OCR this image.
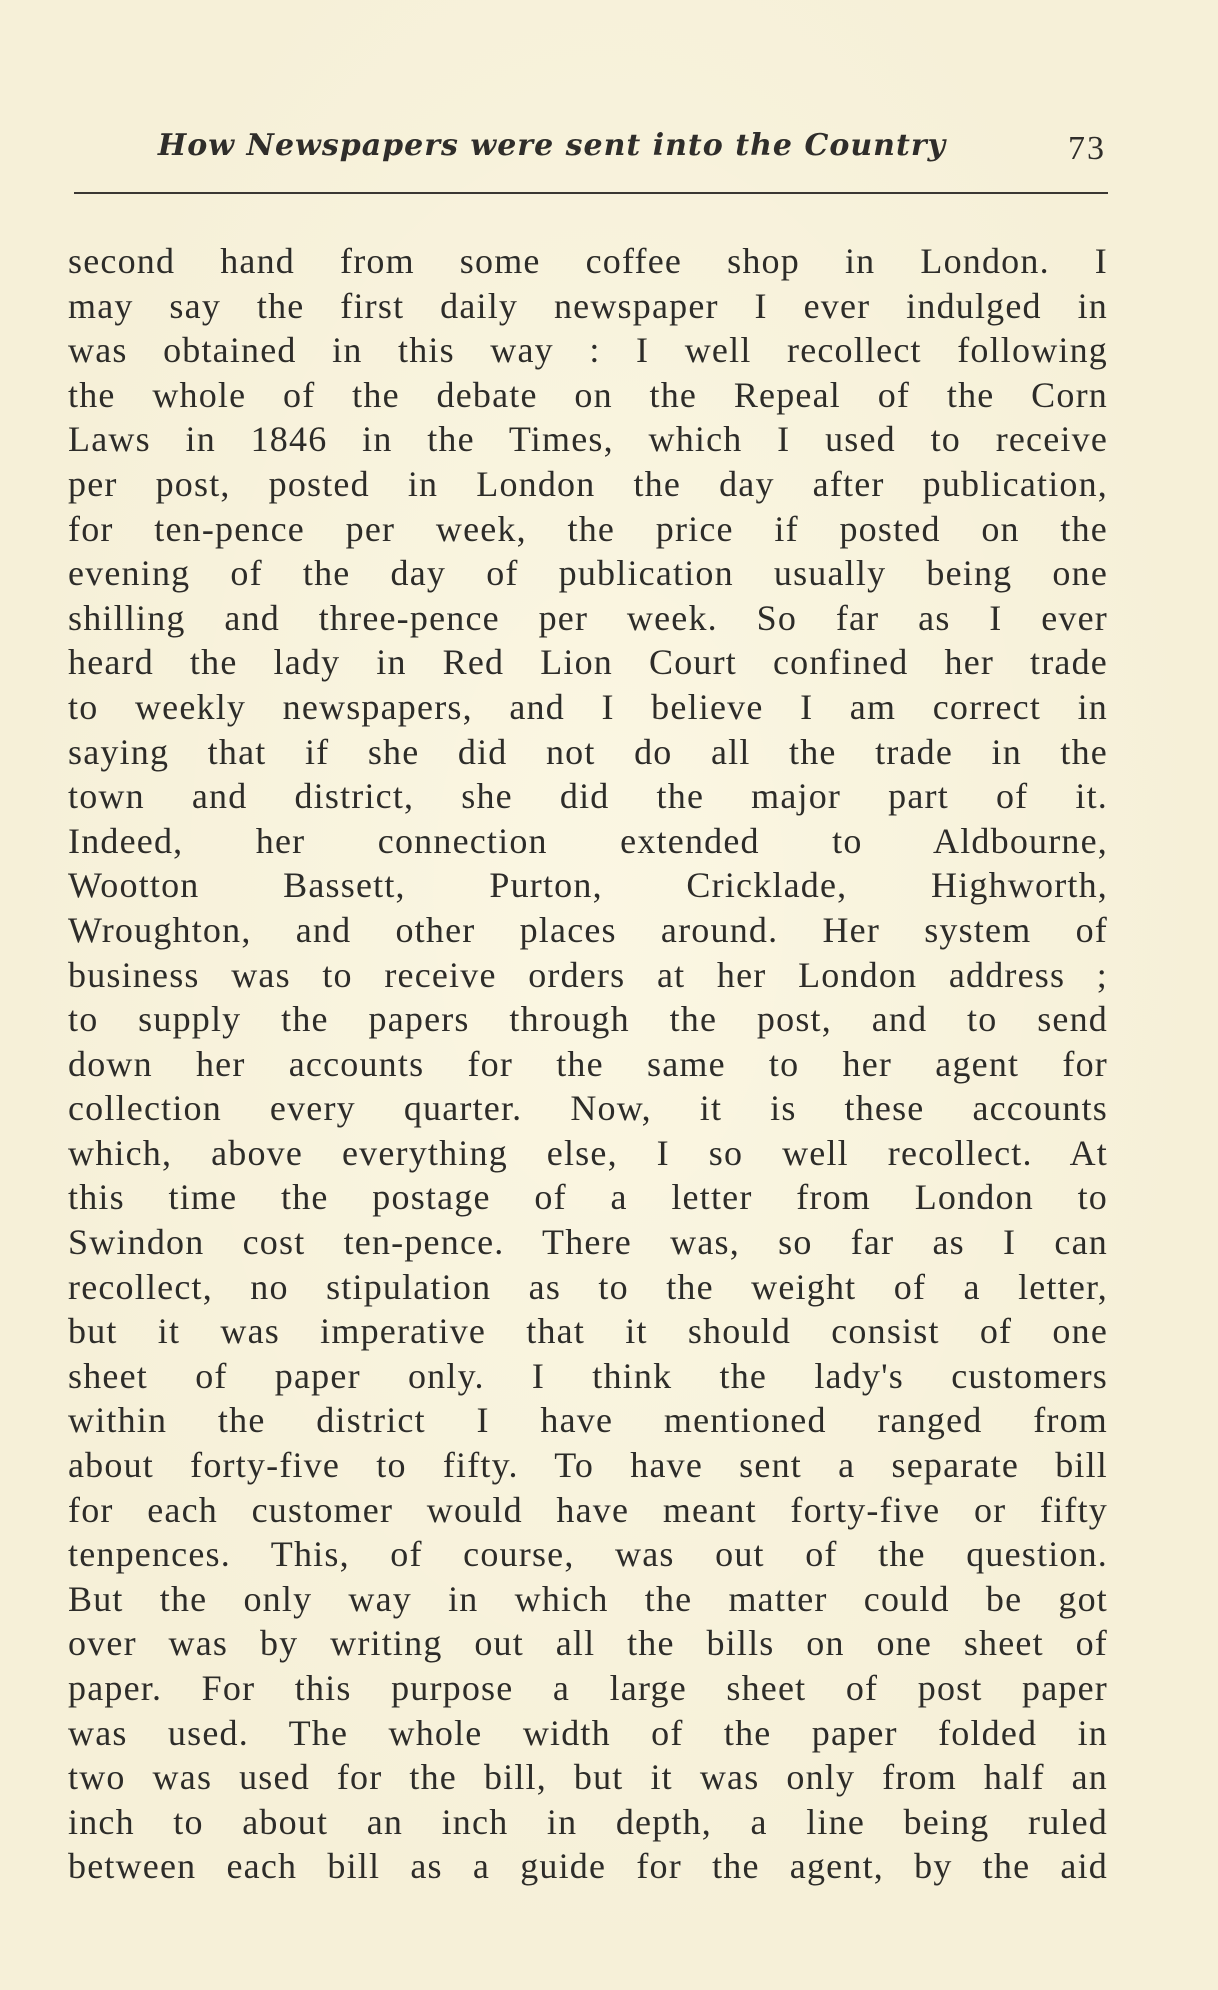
How Newspapers were sent into the Country	73
second hand from some coffee shop in London. I
may say the first daily newspaper I ever indulged in
was obtained in this way : I well recollect following
the whole of the debate on the Repeal of the Corn
Laws in 1846 in the Times, which I used to receive
per post, posted in London the day after publication,
for ten-pence per week, the price if posted on the
evening of the day of publication usually being one
shilling and three-pence per week. So far as I ever
heard the lady in Red Lion Court confined her trade
to weekly newspapers, and I believe I am correct in
saying that if she did not do all the trade in the
town and district, she did the major part of it.
Indeed, her connection extended to Aldbourne,
Wootton Bassett, Purton, Cricklade, Highworth,
Wroughton, and other places around. Her system of
business was to receive orders at her London address ;
to supply the papers through the post, and to send
down her accounts for the same to her agent for
collection every quarter. Now, it is these accounts
which, above everything else, I so well recollect. At
this time the postage of a letter from London to
Swindon cost ten-pence. There was, so far as I can
recollect, no stipulation as to the weight of a letter,
but it was imperative that it should consist of one
sheet of paper only. I think the lady's customers
within the district I have mentioned ranged from
about forty-five to fifty. To have sent a separate bill
for each customer would have meant forty-five or fifty
tenpences. This, of course, was out of the question.
But the only way in which the matter could be got
over was by writing out all the bills on one sheet of
paper. For this purpose a large sheet of post paper
was used. The whole width of the paper folded in
two was used for the bill, but it was only from half an
inch to about an inch in depth, a line being ruled
between each bill as a guide for the agent, by the aid
